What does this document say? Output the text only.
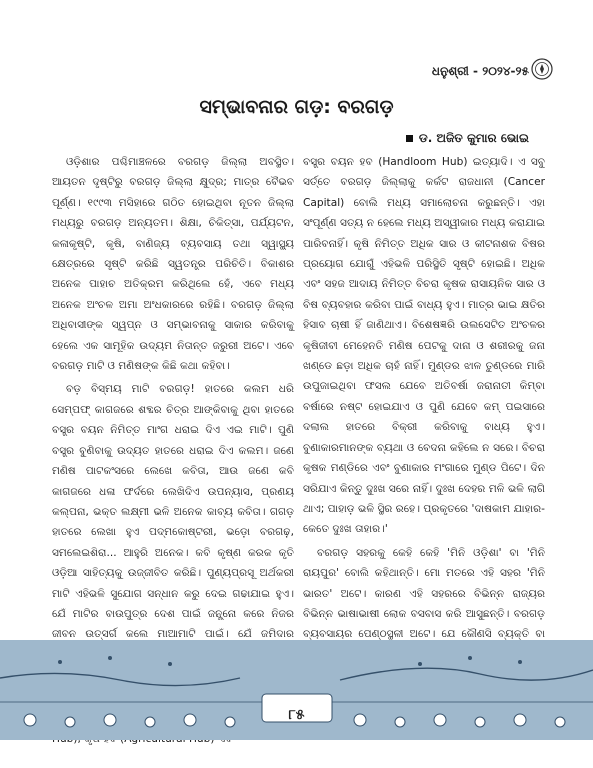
ଧନୁଶ୍ରୀ - ୨୦୨୪-୨୫
ସମ୍ଭାବନାର ଗଡ଼: ବରଗଡ଼
ଡ. ଅଜିତ କୁମାର ଭୋଇ

ଓଡ଼ିଶାର ପଶ୍ଚିମାଞ୍ଚଳରେ ବରଗଡ଼ ଜିଲ୍ଲା ଅବସ୍ଥିତ। ଆୟତନ ଦୃଷ୍ଟିରୁ ବରଗଡ଼ ଜିଲ୍ଲା କ୍ଷୁଦ୍ର; ମାତ୍ର ବୈଭବ ପୂର୍ଣ୍ଣ। ୧୯୯୩ ମସିହାରେ ଗଠିତ ହୋଇଥିବା ନୂତନ ଜିଲ୍ଲା ମଧ୍ୟରୁ ବରଗଡ଼ ଅନ୍ୟତମ। ଶିକ୍ଷା, ଚିକିତ୍ସା, ପର୍ଯ୍ୟଟନ, କଳାକୃଷ୍ଟି, କୃଷି, ବାଣିଜ୍ୟ ବ୍ୟବସାୟ ତଥା ସ୍ୱାସ୍ଥ୍ୟ କ୍ଷେତ୍ରରେ ସୃଷ୍ଟି କରିଛି ସ୍ୱତନ୍ତ୍ର ପରିଚିତି। ବିକାଶର ଅନେକ ପାହାଚ ଅତିକ୍ରମ କରିଥିଲେ ହେଁ, ଏବେ ମଧ୍ୟ ଅନେକ ଅଂଚଳ ଅମା ଅଂଧକାରରେ ରହିଛି। ବରଗଡ଼ ଜିଲ୍ଲା ଅଧିବାସୀଙ୍କ ସ୍ୱପ୍ନ ଓ ସମ୍ଭାବନାକୁ ସାକାର କରିବାକୁ ହେଲେ ଏକ ସାମୂହିକ ଉଦ୍ୟମ ନିତାନ୍ତ ଜରୁରୀ ଅଟେ। ଏବେ ବରଗଡ଼ ମାଟି ଓ ମଣିଷଙ୍କ କିଛି କଥା କହିବା।

ବଡ଼ ବିସ୍ମୟ ମାଟି ବରଗଡ଼! ହାତରେ କଲମ ଧରି ସେମ୍ପଫ୍ କାଗଜରେ ଶବ୍ଦର ଚିତ୍ର ଆଙ୍କିବାକୁ ଥିବା ହାତରେ ବସ୍ତ୍ର ବୟନ ନିମିତ୍ତ ମାଂଗ ଧରାଇ ଦିଏ ଏଇ ମାଟି। ପୁଣି ବସ୍ତ୍ର ବୁଣିବାକୁ ଉଦ୍ୟତ ହାତରେ ଧରାଇ ଦିଏ କଲମ। ଜଣେ ମଣିଷ ପାଟକଂସରେ ଲେଖେ କବିତା, ଆଉ ଜଣେ କବି କାଗଜରେ ଧଳା ଫର୍ଦରେ ଲେଖିଦିଏ ଉପନ୍ୟାସ, ପ୍ରଣୟ କଲ୍ପନା, ଭକ୍ତ ଲକ୍ଷ୍ମୀ ଭଳି ଅନେକ କାବ୍ୟ କବିତା। ଗଗଡ଼ ହାତରେ ଲେଖା ହୁଏ ପଦ୍ମକୋଷ୍ଟରୀ, ଭଡ଼ୋ ବରଗଢ଼, ସମଲେଇଶିରା... ଆହୁରି ଅନେକ। କବି କୃଷ୍ଣ କରକ କୃତି ଓଡ଼ିଆ ସାହିତ୍ୟକୁ ଉଜ୍ଜୀବିତ କରିଛି। ପୁଣ୍ୟପ୍ରସୂ ଅର୍ଥକରୀ ମାଟି ଏହିଭଳି ସୁଯୋଗ ସନ୍ଧାନ କରୁ ଦେଇ ଗଢାଯାଇ ହୁଏ। ଯେଁ ମାଟିର ବାଉପୁତ୍ର ଦେଶ ପାଇଁ ଜନ୍ମ୍ନୋ କରେ ନିଜର ଜୀବନ ଉତ୍ସର୍ଗ କଲେ ମାଆମାଟି ପାଇଁ। ଯେଁ ଜମିଦାର

ବସ୍ତ୍ର ବୟନ ହବ (Handloom Hub) ଇତ୍ୟାଦି। ଏ ସବୁ ସର୍ତ୍ତେ ବରଗଡ଼ ଜିଲ୍ଲାକୁ କର୍କଟ ରାଜଧାନୀ (Cancer Capital) ବୋଲି ମଧ୍ୟ ସମାଲୋଚନା କରୁଛନ୍ତି। ଏହା ସଂପୂର୍ଣ୍ଣ ସତ୍ୟ ନ ହେଲେ ମଧ୍ୟ ଅସ୍ୱୀକାର ମଧ୍ୟ କରାଯାଇ ପାରିବନାହିଁ। କୃଷି ନିମିତ୍ତ ଅଧିକ ସାର ଓ କୀଟନାଶକ ବିଷର ପ୍ରୟୋଗ ଯୋଗୁଁ ଏହିଭଳି ପରିସ୍ଥିତି ସୃଷ୍ଟି ହୋଇଛି। ଅଧିକ ଏବଂ ସହଜ ଆଦାୟ ନିମିତ୍ତ ବିଚରା କୃଷକ ରାସାୟନିକ ସାର ଓ ବିଷ ବ୍ୟବହାର କରିବା ପାଇଁ ବାଧ୍ୟ ହୁଏ। ମାତ୍ର ଭାଇ କ୍ଷତିର ହିସାବ ଚାଷୀ ହିଁ ଜାଣିଥାଏ। ବିଶେଷଜ୍ଞରି ଉଲସେଟିତ ଅଂଚଳର କୃଷିଜୀବୀ ମେହେନତି ମଣିଷ ପେଟକୁ ଦାନା ଓ ଶରୀରକୁ ଜନା ଖଣ୍ଡେ ଛଡ଼ା ଅଧିକ ଚାହଁ ନାହିଁ। ମୁଣ୍ଡର ଝାଳ ତୁଣ୍ଡରେ ମାରି ଉପୁଜାଇଥିବା ଫସଲ ଯେବେ ଅତିବର୍ଷା ଜରାନାତୀ କିମ୍ବା ବର୍ଷାରେ ନଷ୍ଟ ହୋଇଯାଏ ଓ ପୁଣି ଯେବେ କମ୍ ପଇସାରେ ଦଲାଲ ହାତରେ ବିକ୍ରୀ କରିବାକୁ ବାଧ୍ୟ ହୁଏ। ବୁଣାକାରମାନଙ୍କ ବ୍ୟଥା ଓ ବେଦନା କହିଲେ ନ ସରେ। ବିଚରା କୃଷକ ମଣ୍ଡିରେ ଏବଂ ବୁଣାକାର ମଂଗାରେ ମୁଣ୍ଡ ପିଟେ। ଦିନ ସରିଯାଏ କିନ୍ତୁ ଦୁଃଖ ସରେ ନାହିଁ। ଦୁଃଖ ଦେହର ମଳି ଭଳି ଲାଗି ଥାଏ; ପାହାଡ଼ ଭଳି ସ୍ଥିର ରହେ। ପ୍ରକୃତରେ 'ଦାଷକାମ ଯାହାର-କେତେ ଦୁଃଖ ତାହାର।'

ବରଗଡ଼ ସହରକୁ କେହି କେହି 'ମିନି ଓଡ଼ିଶା' ବା 'ମିନି ରାୟପୁର' ବୋଲି କହିଥାନ୍ତି। ମୋ ମତରେ ଏହି ସହର 'ମିନି ଭାରତ' ଅଟେ। କାରଣ ଏହି ସହରରେ ବିଭିନ୍ନ ରାଜ୍ୟର ବିଭିନ୍ନ ଭାଷାଭାଷୀ ଲୋକ ବସବାସ କରି ଆସୁଛନ୍ତି। ବରଗଡ଼ ବ୍ୟବସାୟର ପେଣ୍ଠସ୍ଥଳୀ ଅଟେ। ଯେ କୌଣସି ବ୍ୟକ୍ତି ବା

୮୫
